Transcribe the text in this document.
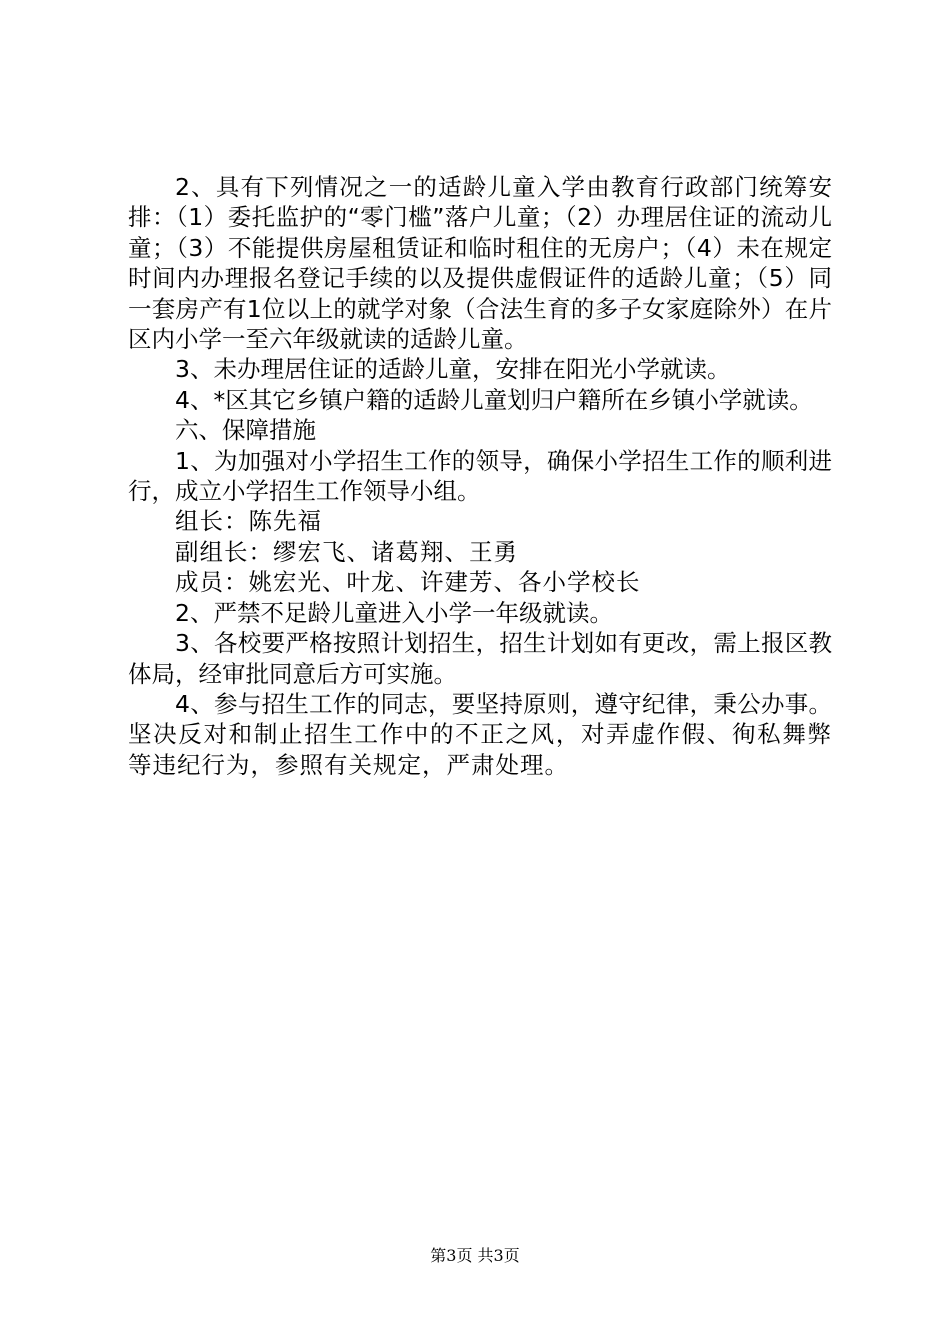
2、具有下列情况之一的适龄儿童入学由教育行政部门统筹安排：（1）委托监护的“零门槛”落户儿童；（2）办理居住证的流动儿童；（3）不能提供房屋租赁证和临时租住的无房户；（4）未在规定时间内办理报名登记手续的以及提供虚假证件的适龄儿童；（5）同一套房产有1位以上的就学对象（合法生育的多子女家庭除外）在片区内小学一至六年级就读的适龄儿童。

3、未办理居住证的适龄儿童，安排在阳光小学就读。

4、*区其它乡镇户籍的适龄儿童划归户籍所在乡镇小学就读。

六、保障措施

1、为加强对小学招生工作的领导，确保小学招生工作的顺利进行，成立小学招生工作领导小组。

组长：陈先福

副组长：缪宏飞、诸葛翔、王勇

成员：姚宏光、叶龙、许建芳、各小学校长

2、严禁不足龄儿童进入小学一年级就读。

3、各校要严格按照计划招生，招生计划如有更改，需上报区教体局，经审批同意后方可实施。

4、参与招生工作的同志，要坚持原则，遵守纪律，秉公办事。坚决反对和制止招生工作中的不正之风，对弄虚作假、徇私舞弊等违纪行为，参照有关规定，严肃处理。

第3页 共3页
